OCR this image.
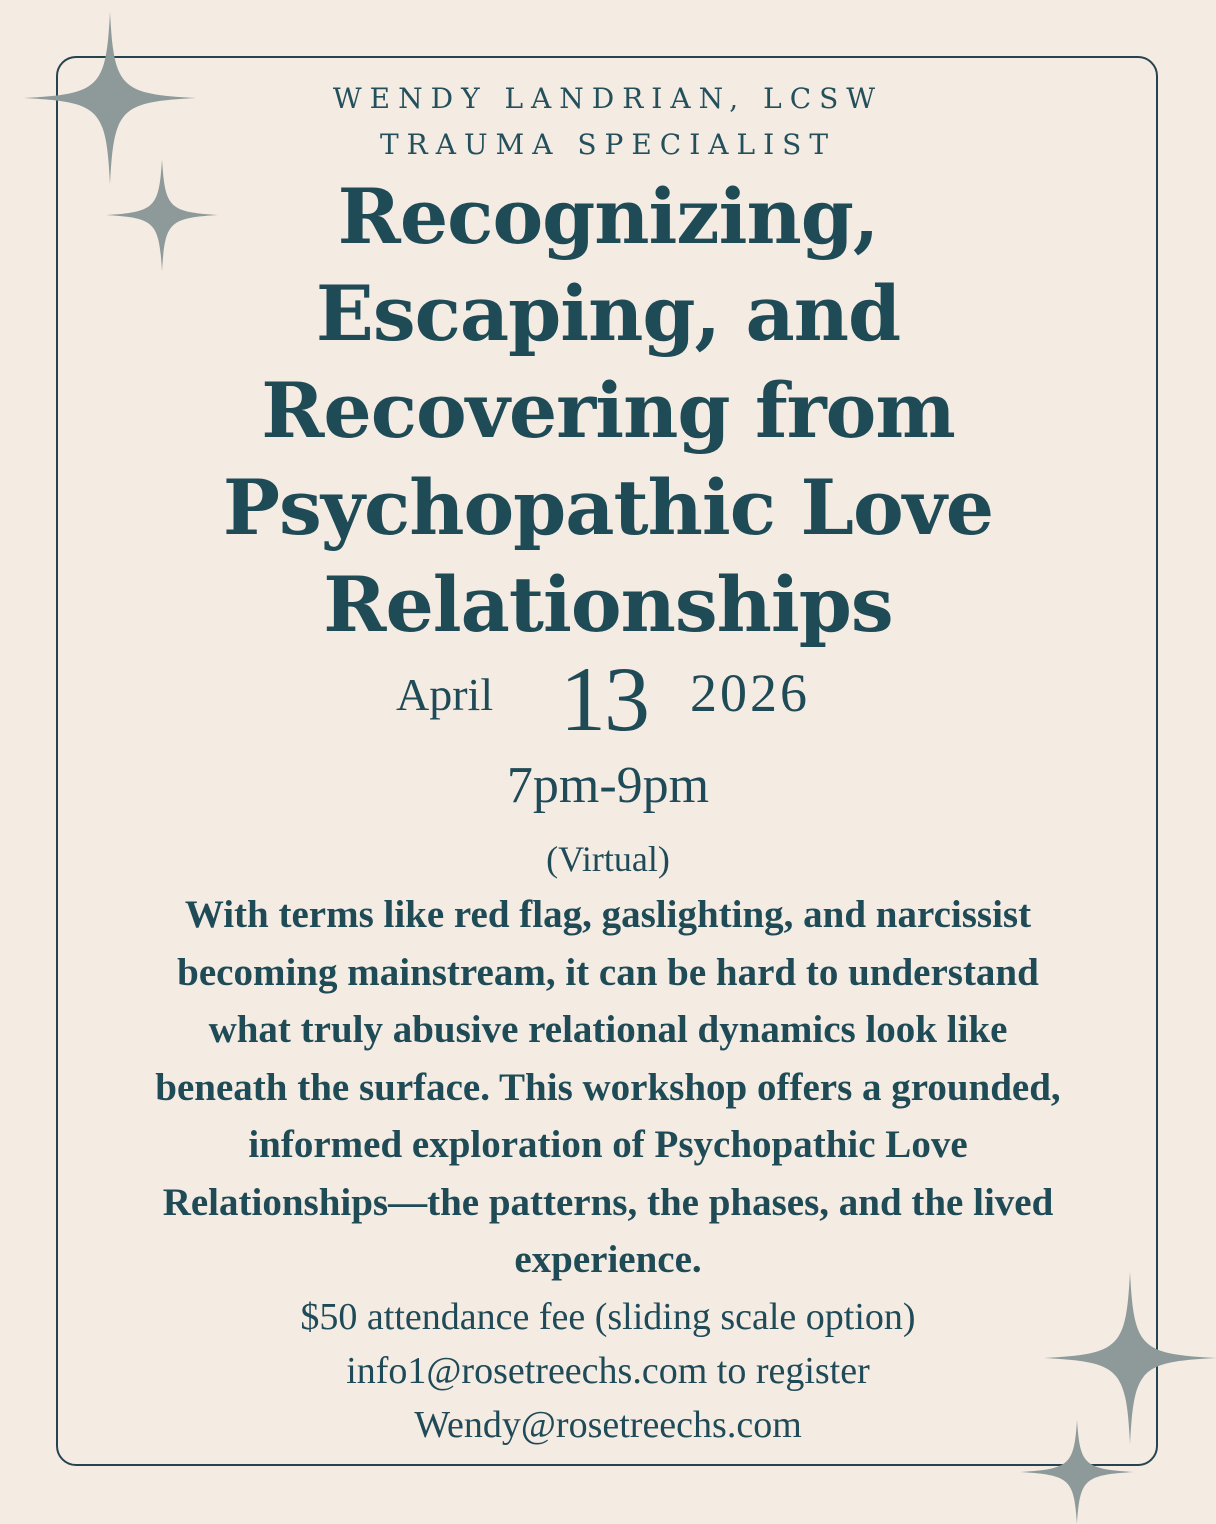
WENDY LANDRIAN, LCSW
TRAUMA SPECIALIST
Recognizing,
Escaping, and
Recovering from
Psychopathic Love
Relationships
April 13 2026
7pm-9pm
(Virtual)
With terms like red flag, gaslighting, and narcissist
becoming mainstream, it can be hard to understand
what truly abusive relational dynamics look like
beneath the surface. This workshop offers a grounded,
informed exploration of Psychopathic Love
Relationships—the patterns, the phases, and the lived
experience.
$50 attendance fee (sliding scale option)
info1@rosetreechs.com to register
Wendy@rosetreechs.com
